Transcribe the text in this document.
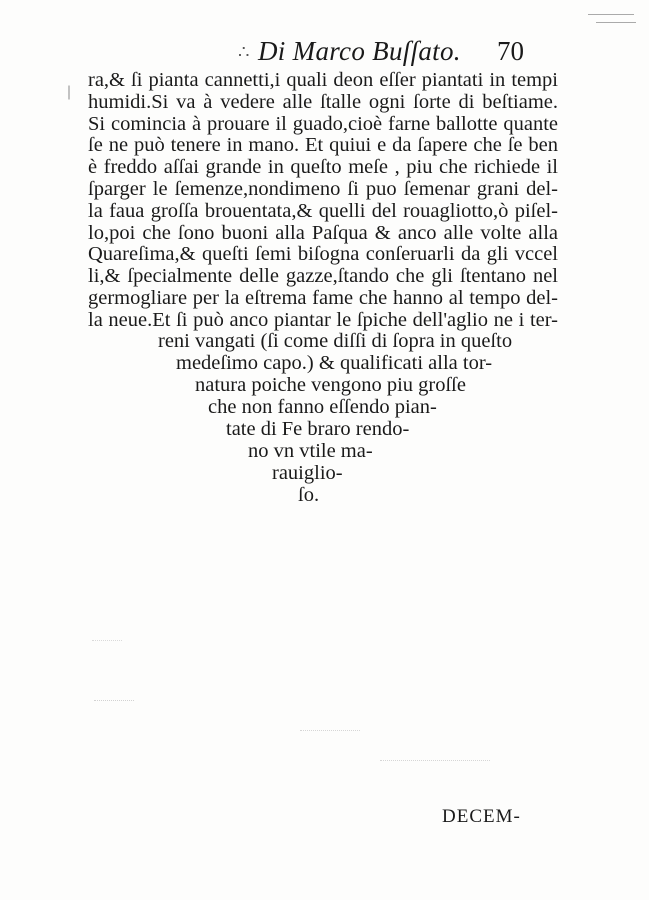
∴ Di Marco Buſſato. 70
ra,& ſi pianta cannetti,i quali deon eſſer piantati in tempi
humidi.Si va à vedere alle ſtalle ogni ſorte di beſtiame.
Si comincia à prouare il guado,cioè farne ballotte quante
ſe ne può tenere in mano. Et quiui e da ſapere che ſe ben
è freddo aſſai grande in queſto meſe , piu che richiede il
ſparger le ſemenze,nondimeno ſi puo ſemenar grani del-
la faua groſſa brouentata,& quelli del rouagliotto,ò piſel-
lo,poi che ſono buoni alla Paſqua & anco alle volte alla
Quareſima,& queſti ſemi biſogna conſeruarli da gli vccel
li,& ſpecialmente delle gazze,ſtando che gli ſtentano nel
germogliare per la eſtrema fame che hanno al tempo del-
la neue.Et ſi può anco piantar le ſpiche dell'aglio ne i ter-
reni vangati (ſi come diſſi di ſopra in queſto
medeſimo capo.) & qualificati alla tor-
natura poiche vengono piu groſſe
che non fanno eſſendo pian-
tate di Fe braro rendo-
no vn vtile ma-
rauiglio-
ſo.
DECEM-
